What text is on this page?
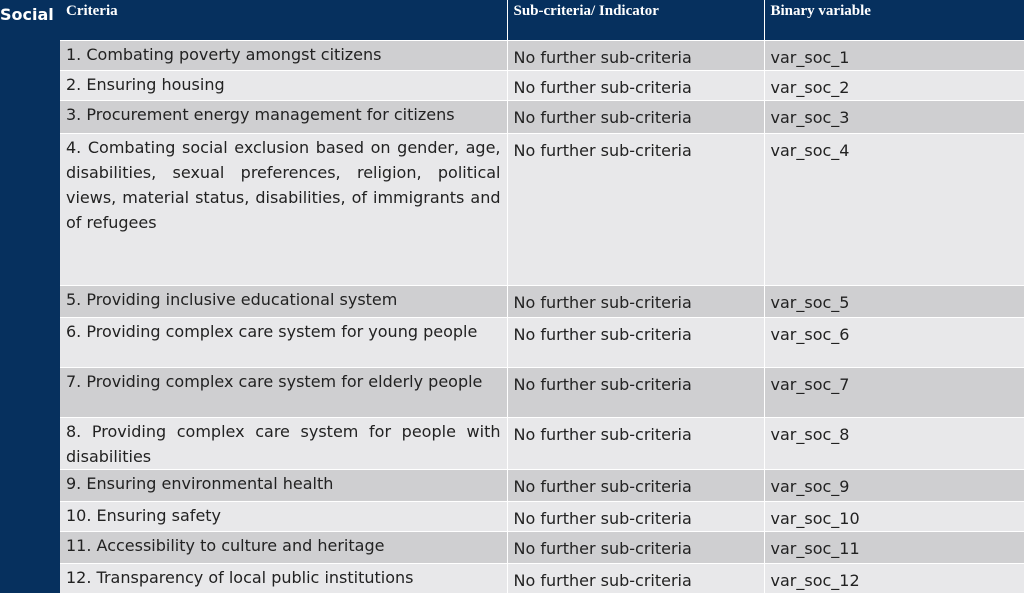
Social Criteria	Sub-criteria/ Indicator	Binary variable
1. Combating poverty amongst citizens	No further sub-criteria	var_soc_1
2. Ensuring housing	No further sub-criteria	var_soc_2
3. Procurement energy management for citizens	No further sub-criteria	var_soc_3
4. Combating social exclusion based on gender, age, disabilities, sexual preferences, religion, political views, material status, disabilities, of immigrants and of refugees	No further sub-criteria	var_soc_4
5. Providing inclusive educational system	No further sub-criteria	var_soc_5
6. Providing complex care system for young people	No further sub-criteria	var_soc_6
7. Providing complex care system for elderly people	No further sub-criteria	var_soc_7
8. Providing complex care system for people with disabilities	No further sub-criteria	var_soc_8
9. Ensuring environmental health	No further sub-criteria	var_soc_9
10. Ensuring safety	No further sub-criteria	var_soc_10
11. Accessibility to culture and heritage	No further sub-criteria	var_soc_11
12. Transparency of local public institutions	No further sub-criteria	var_soc_12
